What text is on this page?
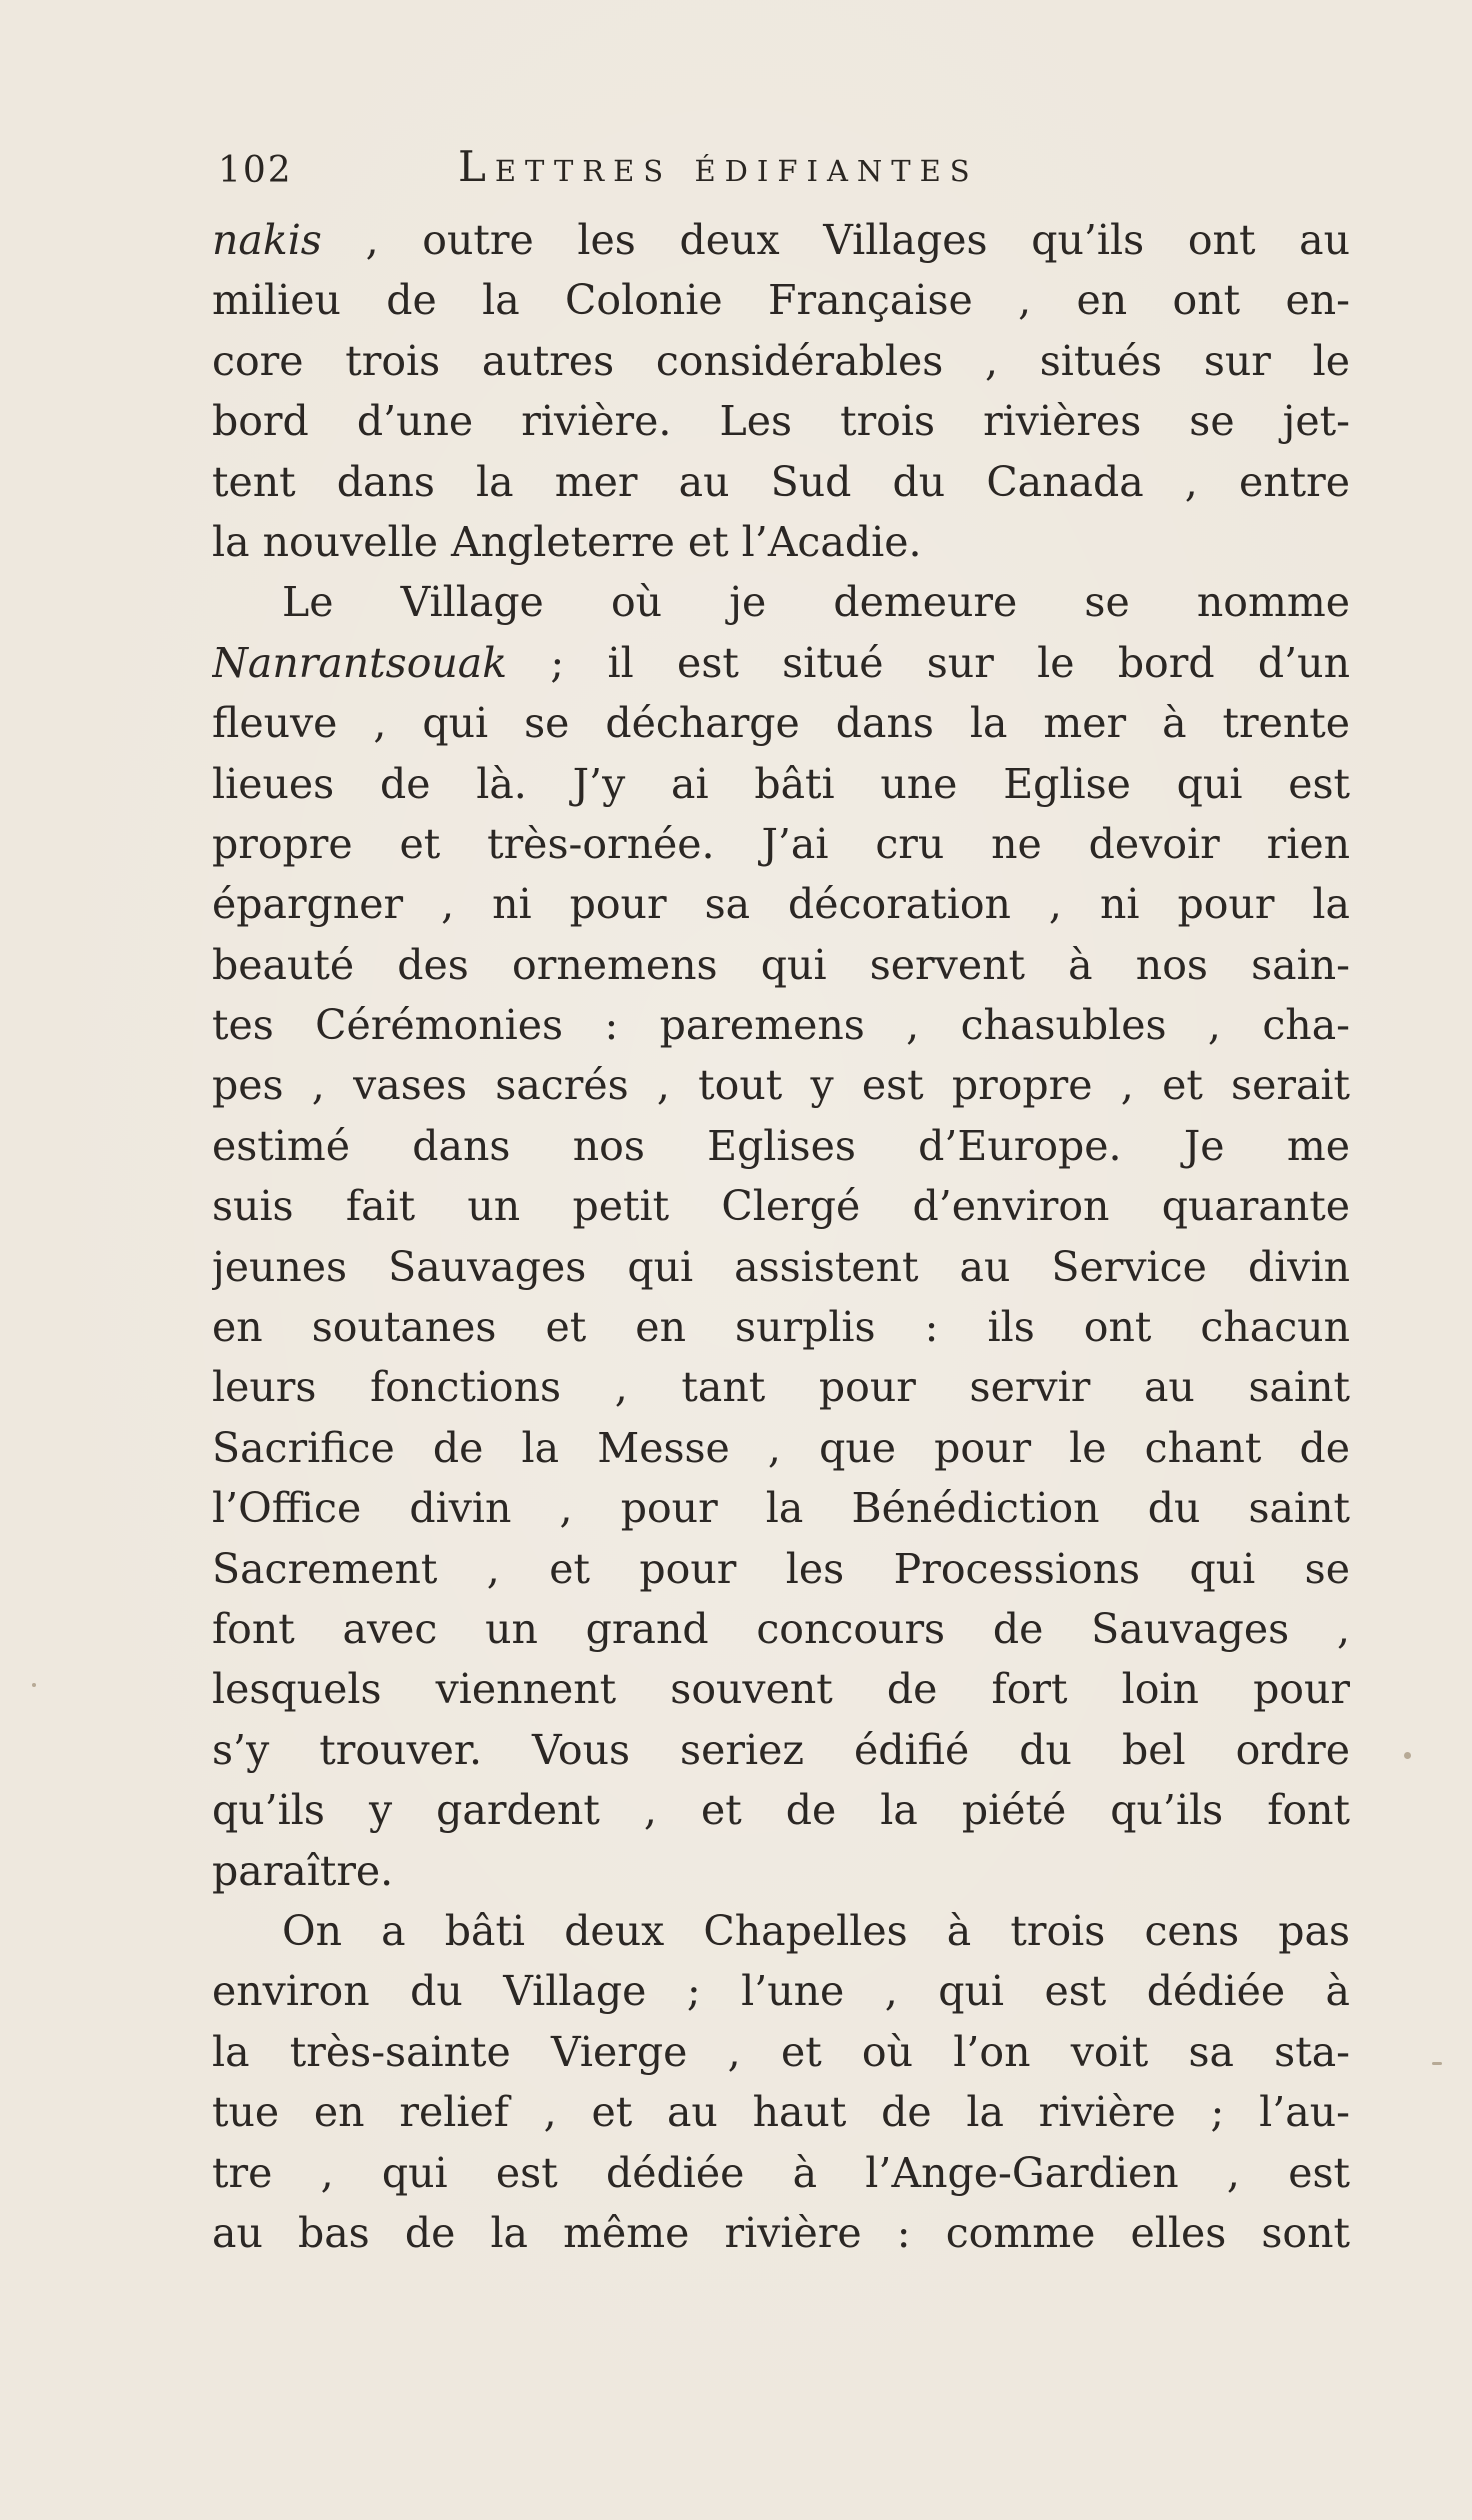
102	Lettres édifiantes
nakis , outre les deux Villages qu’ils ont au
milieu de la Colonie Française , en ont en-
core trois autres considérables , situés sur le
bord d’une rivière. Les trois rivières se jet-
tent dans la mer au Sud du Canada , entre
la nouvelle Angleterre et l’Acadie.
Le Village où je demeure se nomme
Nanrantsouak ; il est situé sur le bord d’un
fleuve , qui se décharge dans la mer à trente
lieues de là. J’y ai bâti une Eglise qui est
propre et très-ornée. J’ai cru ne devoir rien
épargner , ni pour sa décoration , ni pour la
beauté des ornemens qui servent à nos sain-
tes Cérémonies : paremens , chasubles , cha-
pes , vases sacrés , tout y est propre , et serait
estimé dans nos Eglises d’Europe. Je me
suis fait un petit Clergé d’environ quarante
jeunes Sauvages qui assistent au Service divin
en soutanes et en surplis : ils ont chacun
leurs fonctions , tant pour servir au saint
Sacrifice de la Messe , que pour le chant de
l’Office divin , pour la Bénédiction du saint
Sacrement , et pour les Processions qui se
font avec un grand concours de Sauvages ,
lesquels viennent souvent de fort loin pour
s’y trouver. Vous seriez édifié du bel ordre
qu’ils y gardent , et de la piété qu’ils font
paraître.
On a bâti deux Chapelles à trois cens pas
environ du Village ; l’une , qui est dédiée à
la très-sainte Vierge , et où l’on voit sa sta-
tue en relief , et au haut de la rivière ; l’au-
tre , qui est dédiée à l’Ange-Gardien , est
au bas de la même rivière : comme elles sont
